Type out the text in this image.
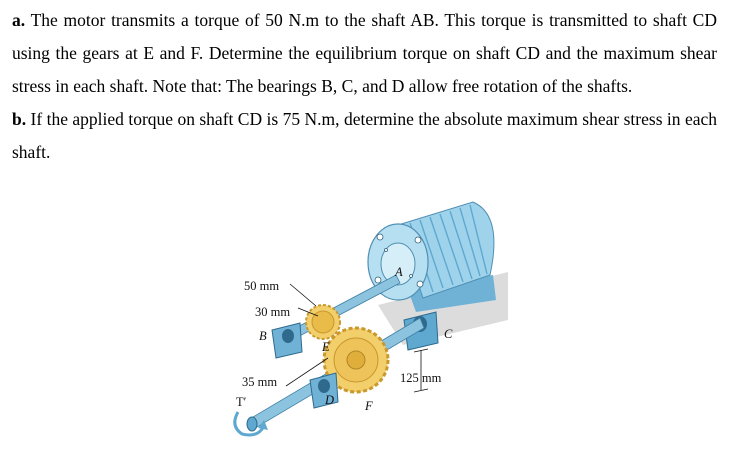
a. The motor transmits a torque of 50 N.m to the shaft AB. This torque is transmitted to shaft CD using the gears at E and F. Determine the equilibrium torque on shaft CD and the maximum shear stress in each shaft. Note that: The bearings B, C, and D allow free rotation of the shafts.

b. If the applied torque on shaft CD is 75 N.m, determine the absolute maximum shear stress in each shaft.

50 mm
30 mm
35 mm	125 mm
A
B	C
D
E
F
T′
